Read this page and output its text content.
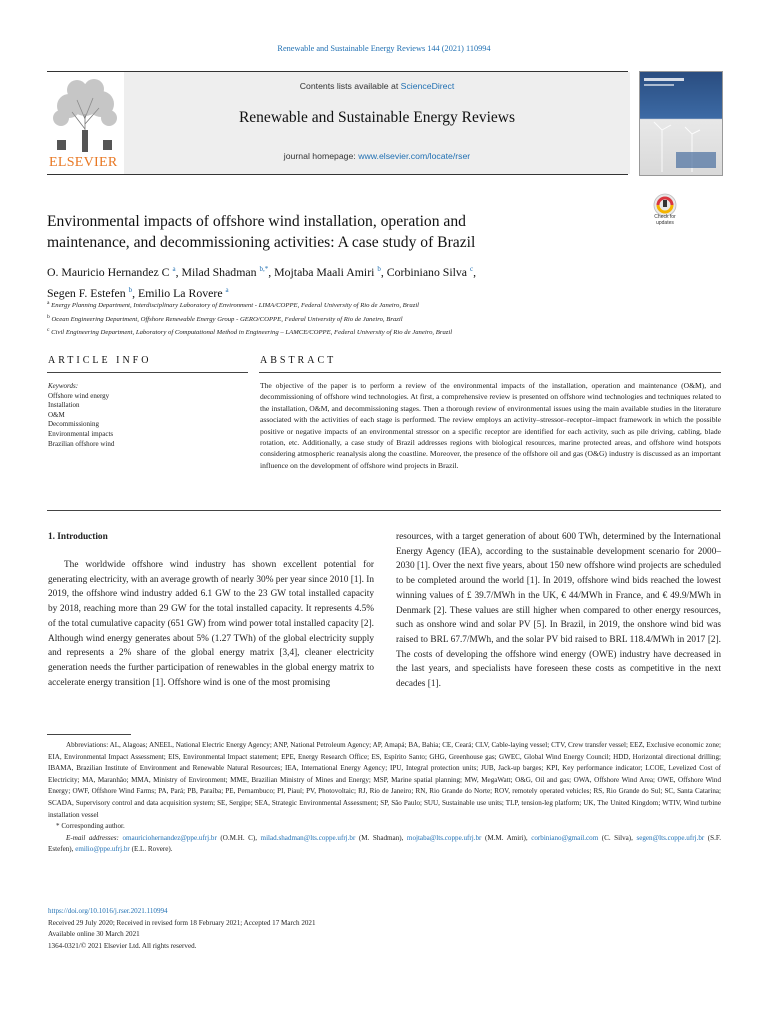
Renewable and Sustainable Energy Reviews 144 (2021) 110994
ELSEVIER
Contents lists available at ScienceDirect
Renewable and Sustainable Energy Reviews
journal homepage: www.elsevier.com/locate/rser
Check for updates
Environmental impacts of offshore wind installation, operation and
maintenance, and decommissioning activities: A case study of Brazil
O. Mauricio Hernandez C $^a$, Milad Shadman $^{b,*}$, Mojtaba Maali Amiri $^b$, Corbiniano Silva $^c$,
Segen F. Estefen $^b$, Emilio La Rovere $^a$
$^a$ Energy Planning Department, Interdisciplinary Laboratory of Environment - LIMA/COPPE, Federal University of Rio de Janeiro, Brazil
$^b$ Ocean Engineering Department, Offshore Renewable Energy Group - GERO/COPPE, Federal University of Rio de Janeiro, Brazil
$^c$ Civil Engineering Department, Laboratory of Computational Method in Engineering – LAMCE/COPPE, Federal University of Rio de Janeiro, Brazil
ARTICLE INFO	ABSTRACT
Keywords:
Offshore wind energy
Installation
O&M
Decommissioning
Environmental impacts
Brazilian offshore wind
The objective of the paper is to perform a review of the environmental impacts of the installation, operation and maintenance (O&M), and decommissioning of offshore wind technologies. At first, a comprehensive review is presented on offshore wind technologies and techniques related to the installation, O&M, and decommissioning stages. Then a thorough review of environmental issues using the main available studies in the literature associated with the activities of each stage is performed. The review employs an activity–stressor–receptor–impact framework in which the possible positive or negative impacts of an environmental stressor on a specific receptor are identified for each activity, such as pile driving, cabling, blade rotation, etc. Additionally, a case study of Brazil addresses regions with biological resources, marine protected areas, and offshore wind hotspots considering atmospheric reanalysis along the coastline. Moreover, the presence of the offshore oil and gas (O&G) industry is discussed as an important influence on the development of offshore wind projects in Brazil.
1. Introduction
The worldwide offshore wind industry has shown excellent potential for generating electricity, with an average growth of nearly 30% per year since 2010 [1]. In 2019, the offshore wind industry added 6.1 GW to the 23 GW total installed capacity by 2018, reaching more than 29 GW for the total installed capacity. It represents 4.5% of the total cumulative capacity (651 GW) from wind power total installed capacity [2]. Although wind energy generates about 5% (1.27 TWh) of the global electricity supply and represents a 2% share of the global energy matrix [3,4], cleaner electricity generation needs the further participation of renewables in the global energy matrix to accelerate energy transition [1]. Offshore wind is one of the most promising
resources, with a target generation of about 600 TWh, determined by the International Energy Agency (IEA), according to the sustainable development scenario for 2000–2030 [1]. Over the next five years, about 150 new offshore wind projects are scheduled to be completed around the world [1]. In 2019, offshore wind bids reached the lowest winning values of £ 39.7/MWh in the UK, € 44/MWh in France, and € 49.9/MWh in Denmark [2]. These values are still higher when compared to other energy resources, such as onshore wind and solar PV [5]. In Brazil, in 2019, the onshore wind bid was raised to BRL 67.7/MWh, and the solar PV bid raised to BRL 118.4/MWh in 2017 [2]. The costs of developing the offshore wind energy (OWE) industry have decreased in the last years, and specialists have foreseen these costs as competitive in the next decades [1].
Abbreviations: AL, Alagoas; ANEEL, National Electric Energy Agency; ANP, National Petroleum Agency; AP, Amapá; BA, Bahia; CE, Ceará; CLV, Cable-laying vessel; CTV, Crew transfer vessel; EEZ, Exclusive economic zone; EIA, Environmental Impact Assessment; EIS, Environmental Impact statement; EPE, Energy Research Office; ES, Espírito Santo; GHG, Greenhouse gas; GWEC, Global Wind Energy Council; HDD, Horizontal directional drilling; IBAMA, Brazilian Institute of Environment and Renewable Natural Resources; IEA, International Energy Agency; IPU, Integral protection units; JUB, Jack-up barges; KPI, Key performance indicator; LCOE, Levelized Cost of Electricity; MA, Maranhão; MMA, Ministry of Environment; MME, Brazilian Ministry of Mines and Energy; MSP, Marine spatial planning; MW, MegaWatt; O&G, Oil and gas; OWA, Offshore Wind Area; OWE, Offshore Wind Energy; OWF, Offshore Wind Farms; PA, Pará; PB, Paraíba; PE, Pernambuco; PI, Piauí; PV, Photovoltaic; RJ, Rio de Janeiro; RN, Rio Grande do Norte; ROV, remotely operated vehicles; RS, Rio Grande do Sul; SC, Santa Catarina; SCADA, Supervisory control and data acquisition system; SE, Sergipe; SEA, Strategic Environmental Assessment; SP, São Paulo; SUU, Sustainable use units; TLP, tension-leg platform; UK, The United Kingdom; WTIV, Wind turbine installation vessel
* Corresponding author.
E-mail addresses: omauriciohernandez@ppe.ufrj.br (O.M.H. C), milad.shadman@lts.coppe.ufrj.br (M. Shadman), mojtaba@lts.coppe.ufrj.br (M.M. Amiri), corbiniano@gmail.com (C. Silva), segen@lts.coppe.ufrj.br (S.F. Estefen), emilio@ppe.ufrj.br (E.L. Rovere).
https://doi.org/10.1016/j.rser.2021.110994
Received 29 July 2020; Received in revised form 18 February 2021; Accepted 17 March 2021
Available online 30 March 2021
1364-0321/© 2021 Elsevier Ltd. All rights reserved.
